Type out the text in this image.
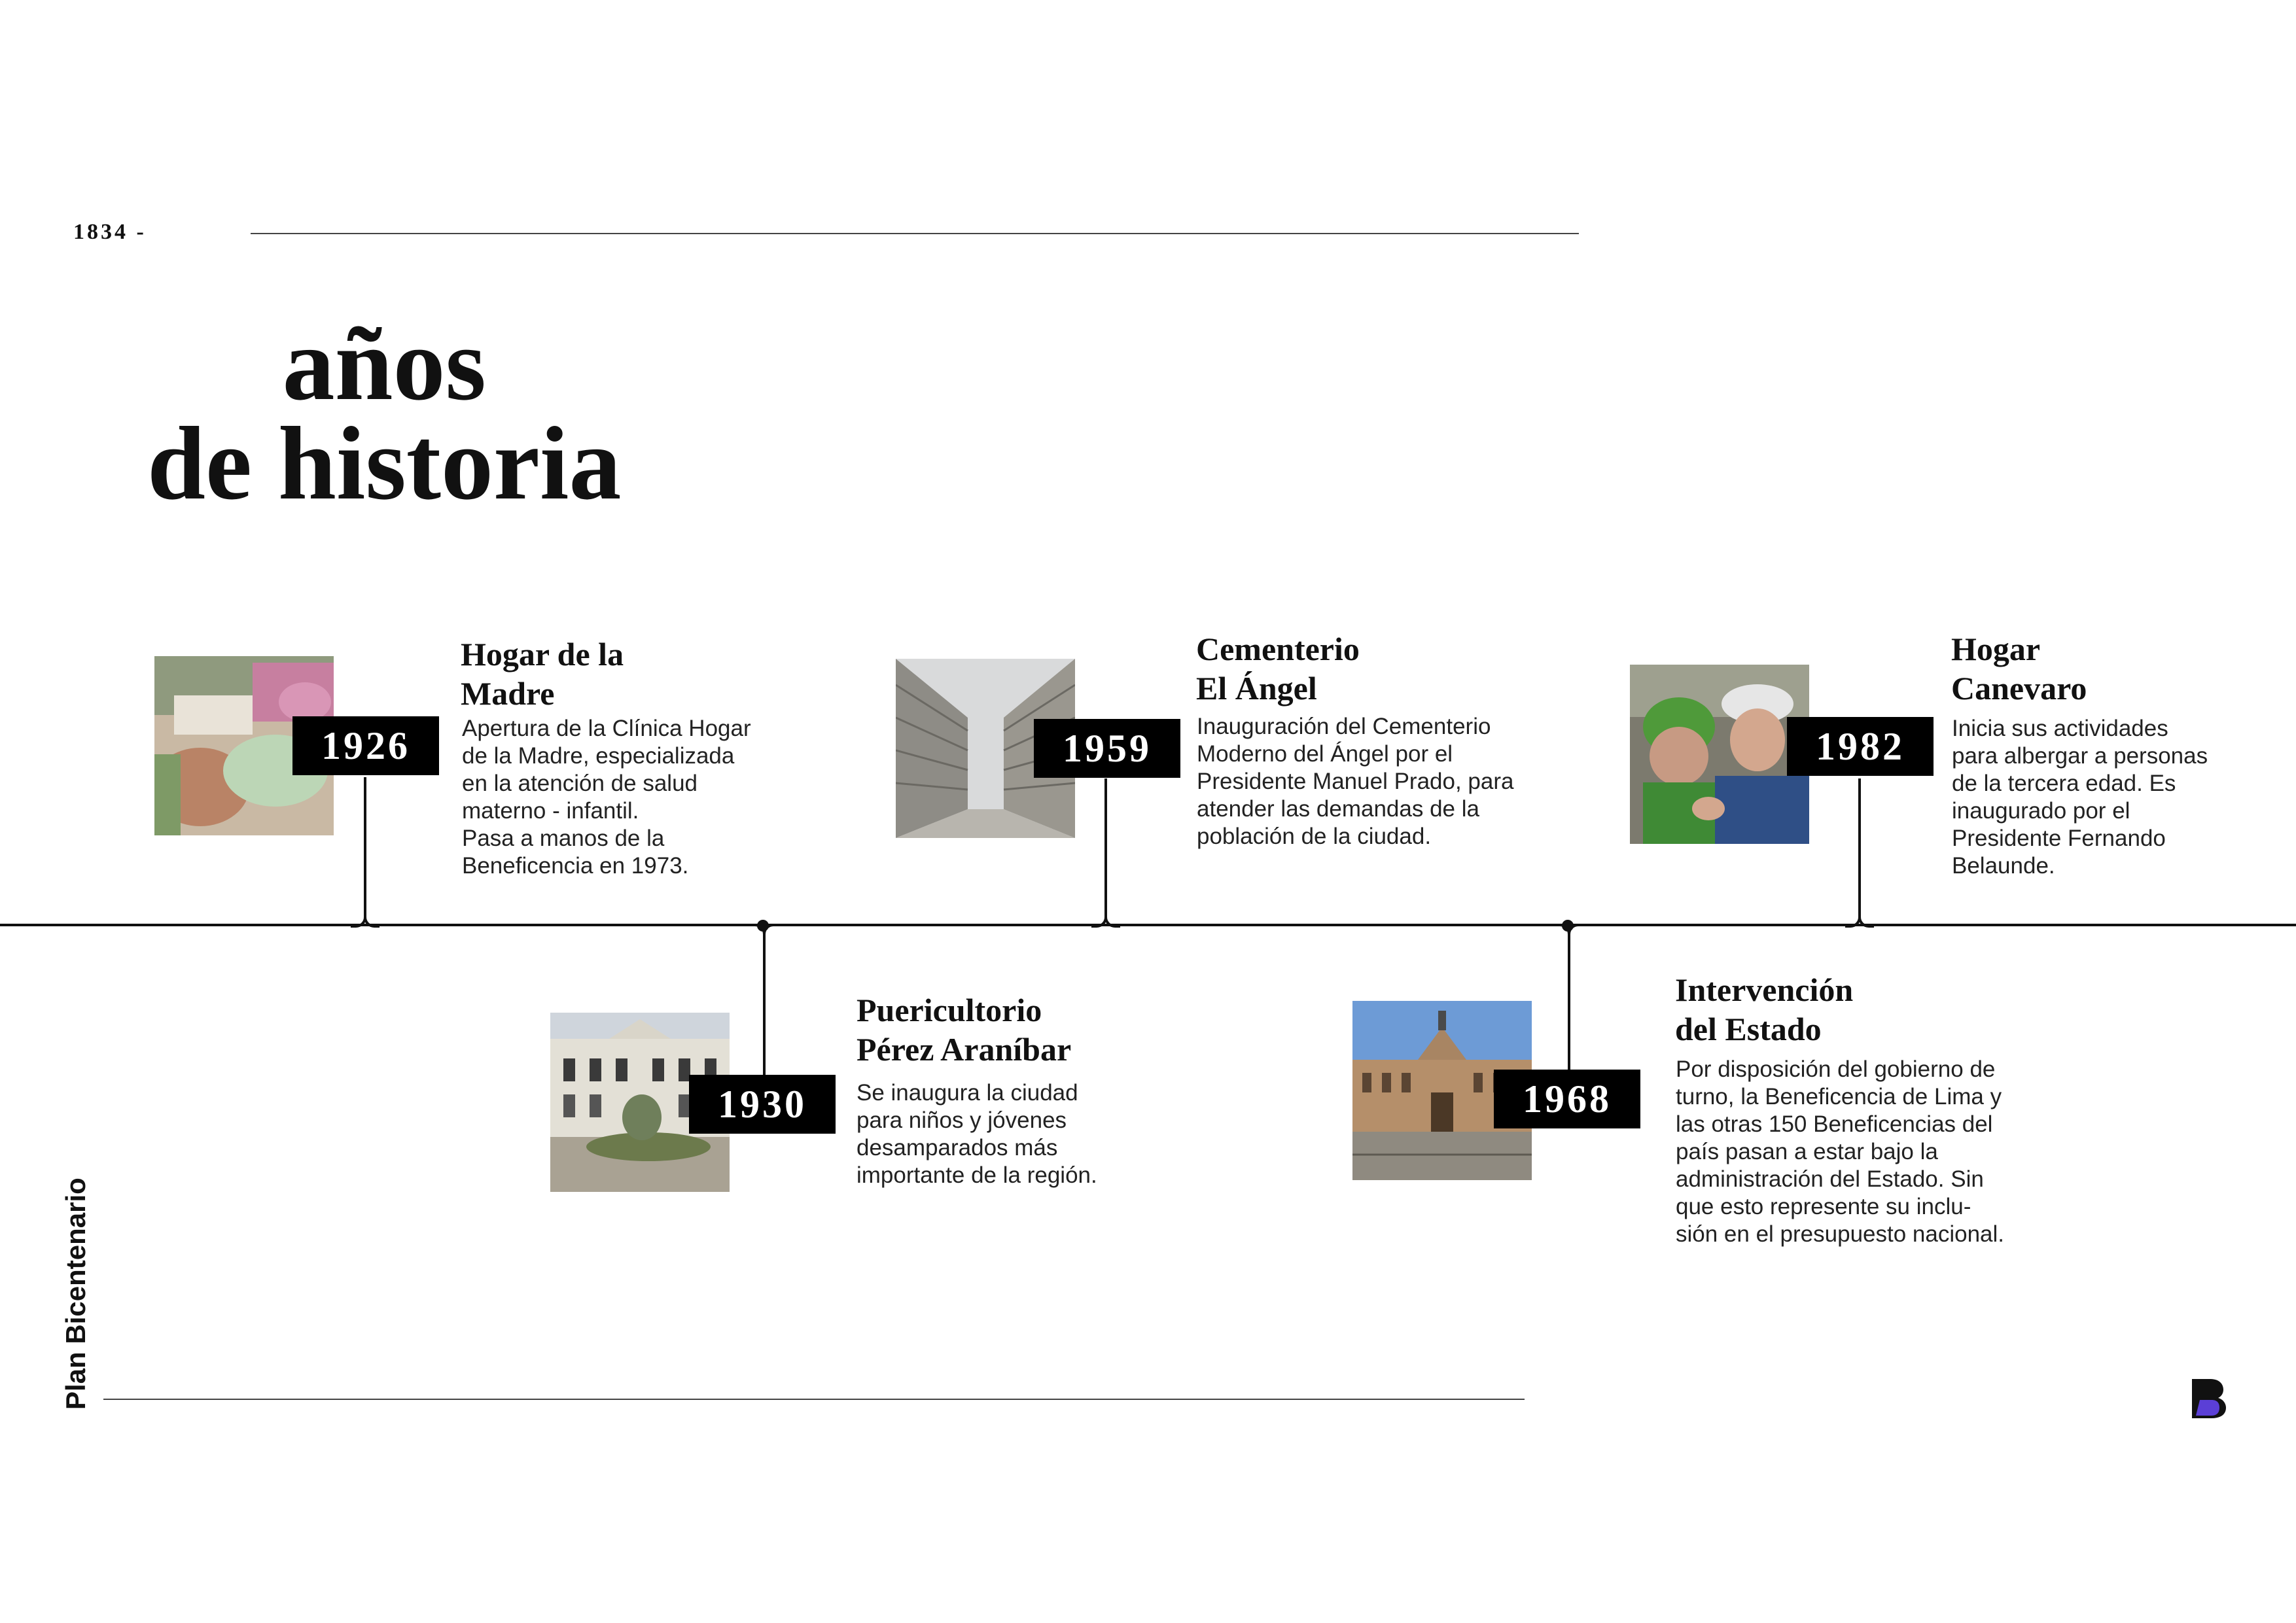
1834 -
años
de historia
1926
Hogar de la
Madre
Apertura de la Clínica Hogar
de la Madre, especializada
en la atención de salud
materno - infantil.
Pasa a manos de la
Beneficencia en 1973.
1930
Puericultorio
Pérez Araníbar
Se inaugura la ciudad
para niños y jóvenes
desamparados más
importante de la región.
1959
Cementerio
El Ángel
Inauguración del Cementerio
Moderno del Ángel por el
Presidente Manuel Prado, para
atender las demandas de la
población de la ciudad.
1968
Intervención
del Estado
Por disposición del gobierno de
turno, la Beneficencia de Lima y
las otras 150 Beneficencias del
país pasan a estar bajo la
administración del Estado. Sin
que esto represente su inclu-
sión en el presupuesto nacional.
1982
Hogar
Canevaro
Inicia sus actividades
para albergar a personas
de la tercera edad. Es
inaugurado por el
Presidente Fernando
Belaunde.
Plan Bicentenario
